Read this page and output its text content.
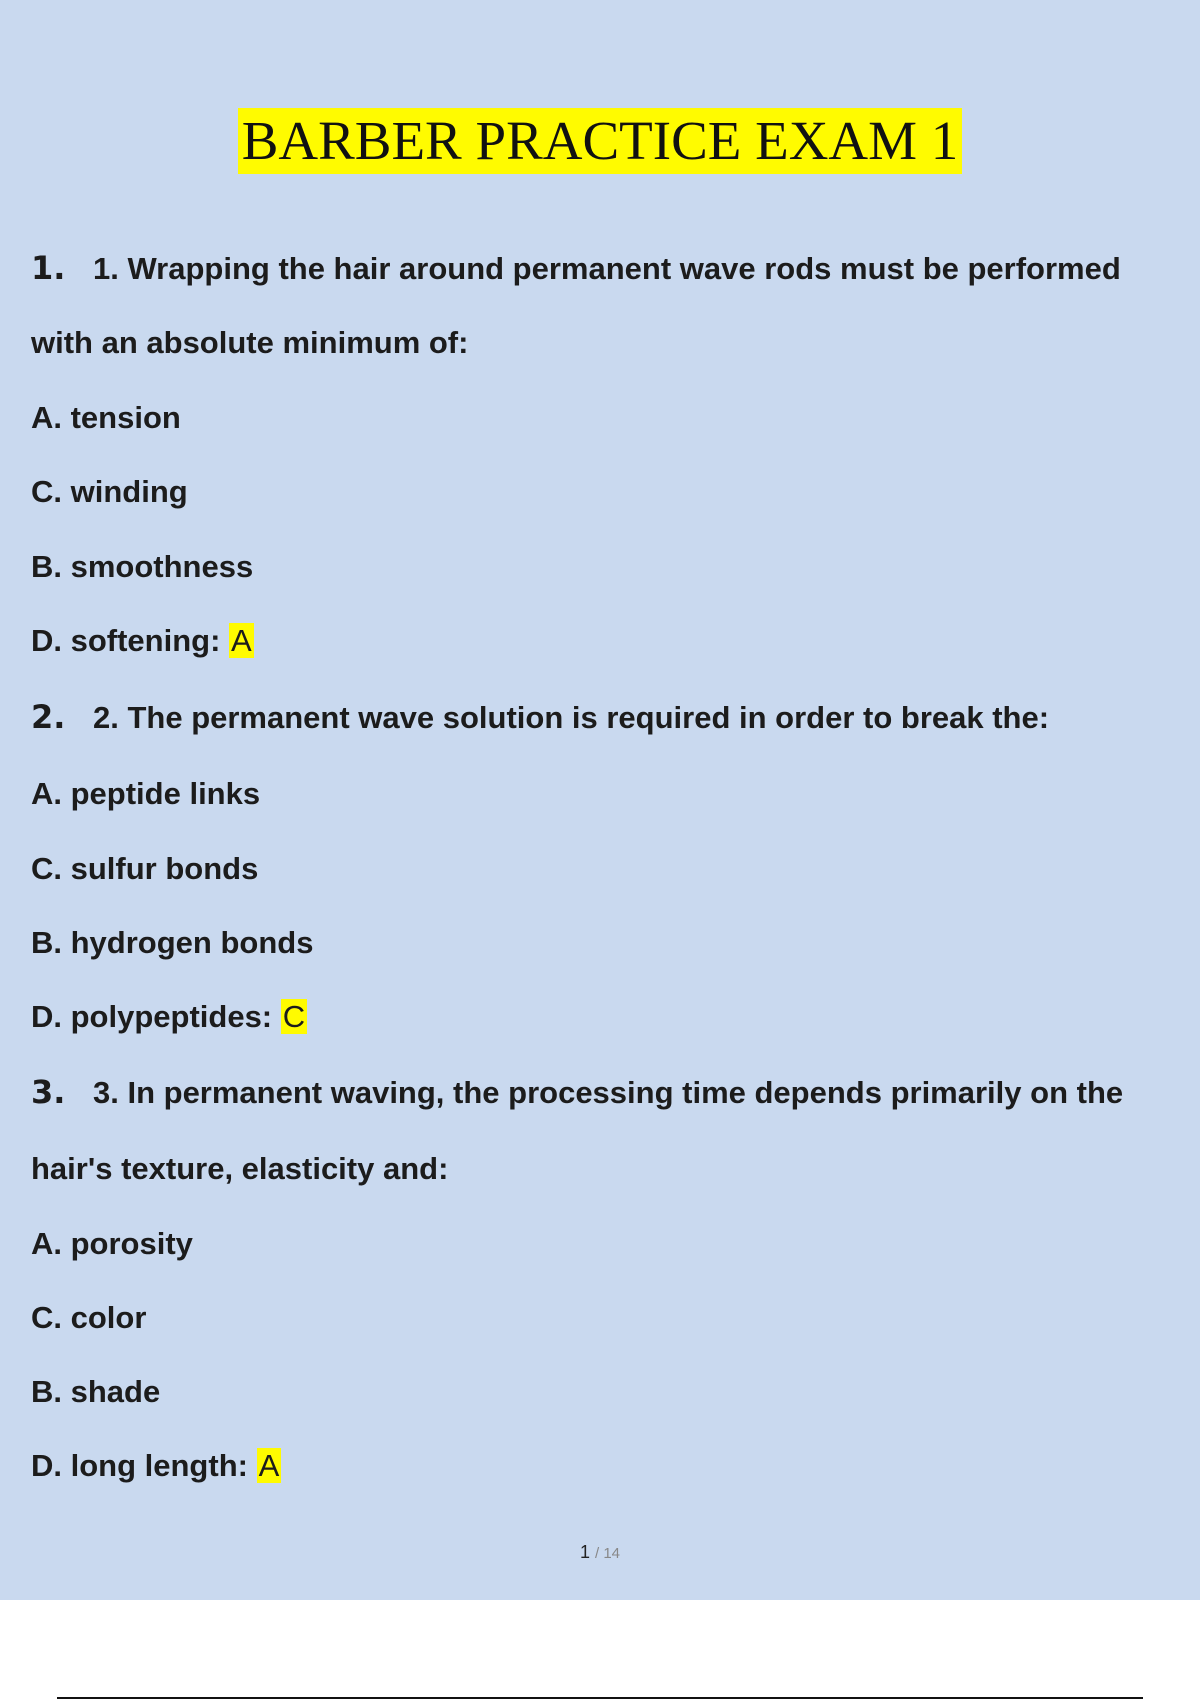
BARBER PRACTICE EXAM 1
1. 1. Wrapping the hair around permanent wave rods must be performed
with an absolute minimum of:
A. tension
C. winding
B. smoothness
D. softening: A
2. 2. The permanent wave solution is required in order to break the:
A. peptide links
C. sulfur bonds
B. hydrogen bonds
D. polypeptides: C
3. 3. In permanent waving, the processing time depends primarily on the
hair's texture, elasticity and:
A. porosity
C. color
B. shade
D. long length: A
1 / 14
